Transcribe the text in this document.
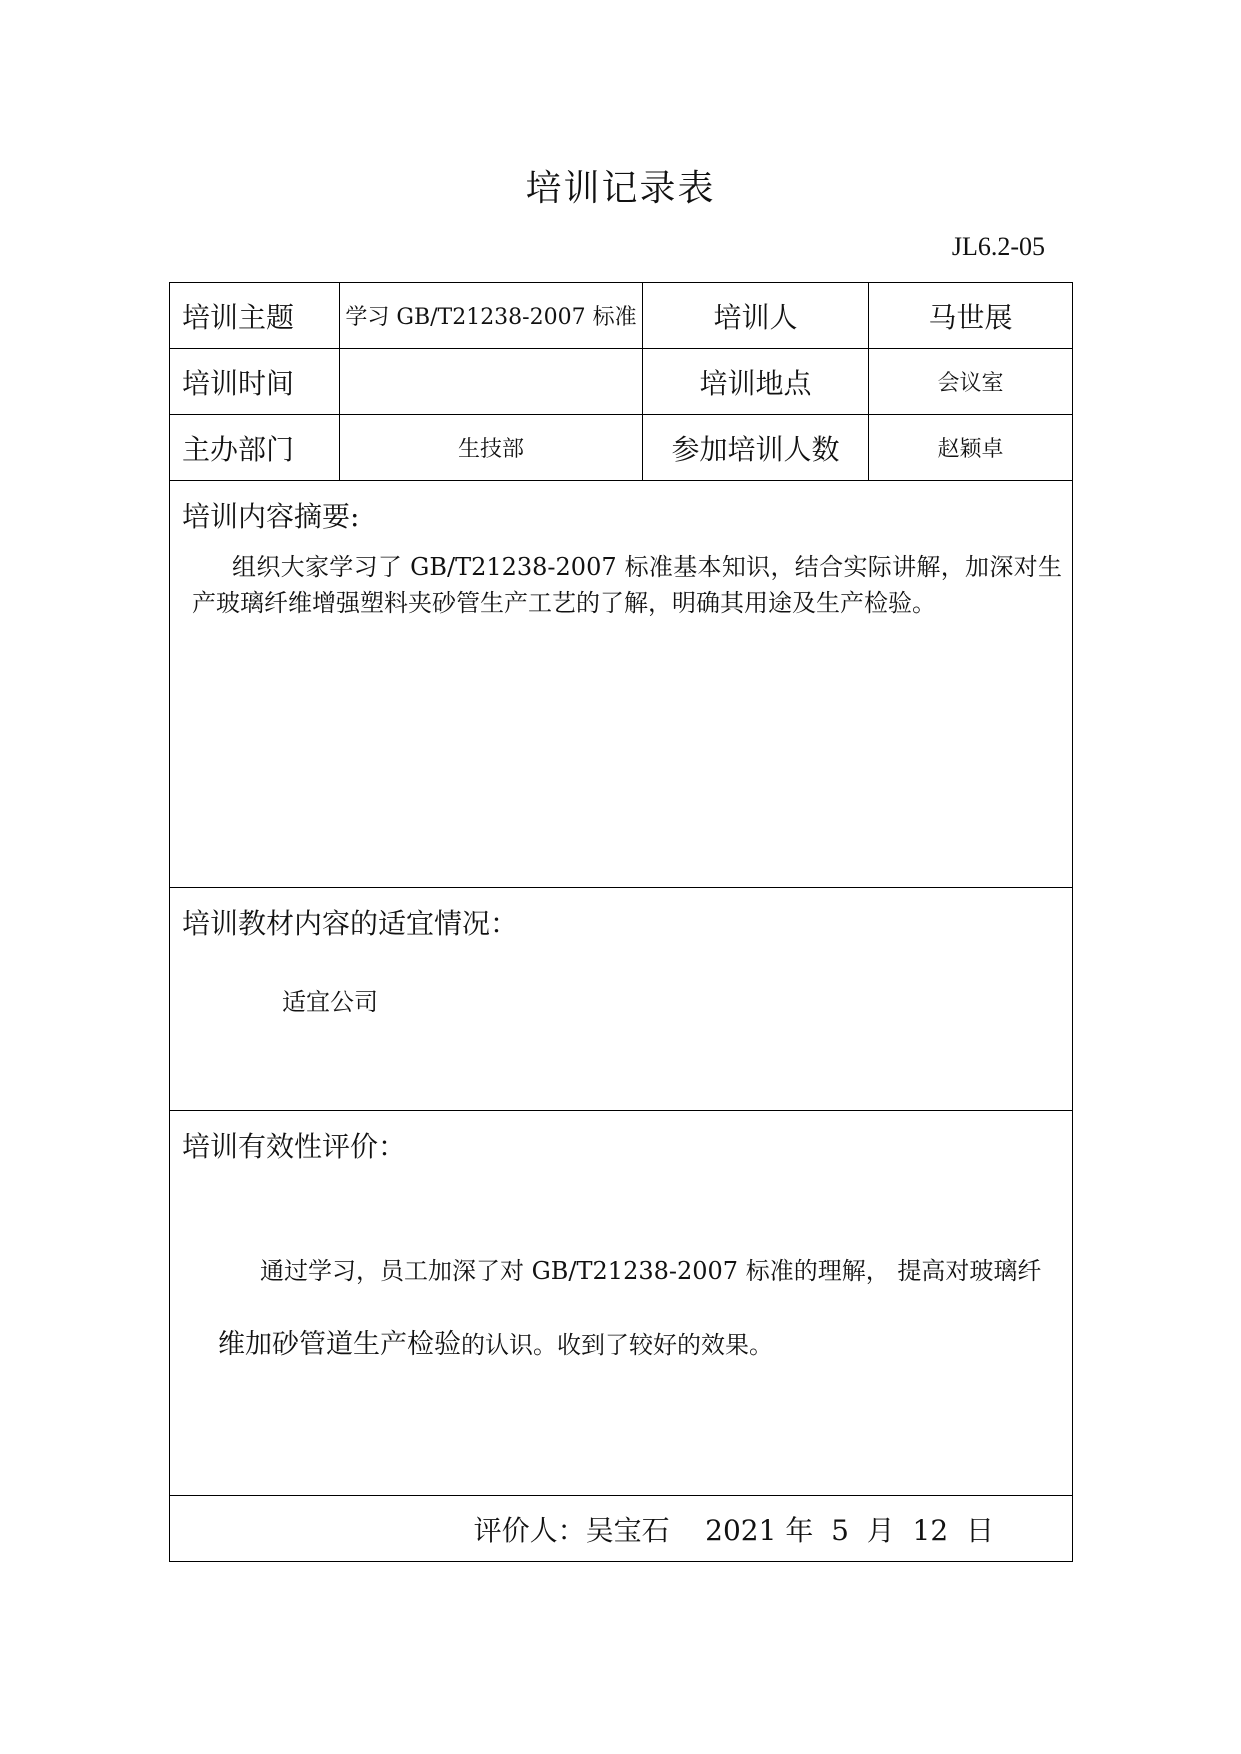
培训记录表
JL6.2-05
培训主题	学习 GB/T21238-2007 标准	培训人	马世展
培训时间		培训地点	会议室
主办部门	生技部	参加培训人数	赵颖卓

培训内容摘要:
组织大家学习了 GB/T21238-2007 标准基本知识，结合实际讲解，加深对生产玻璃纤维增强塑料夹砂管生产工艺的了解，明确其用途及生产检验。			

培训教材内容的适宜情况：
适宜公司			

培训有效性评价：
通过学习，员工加深了对 GB/T21238-2007 标准的理解， 提高对玻璃纤
维加砂管道生产检验的认识。收到了较好的效果。			

评价人：吴宝石    2021 年  5  月  12  日			
